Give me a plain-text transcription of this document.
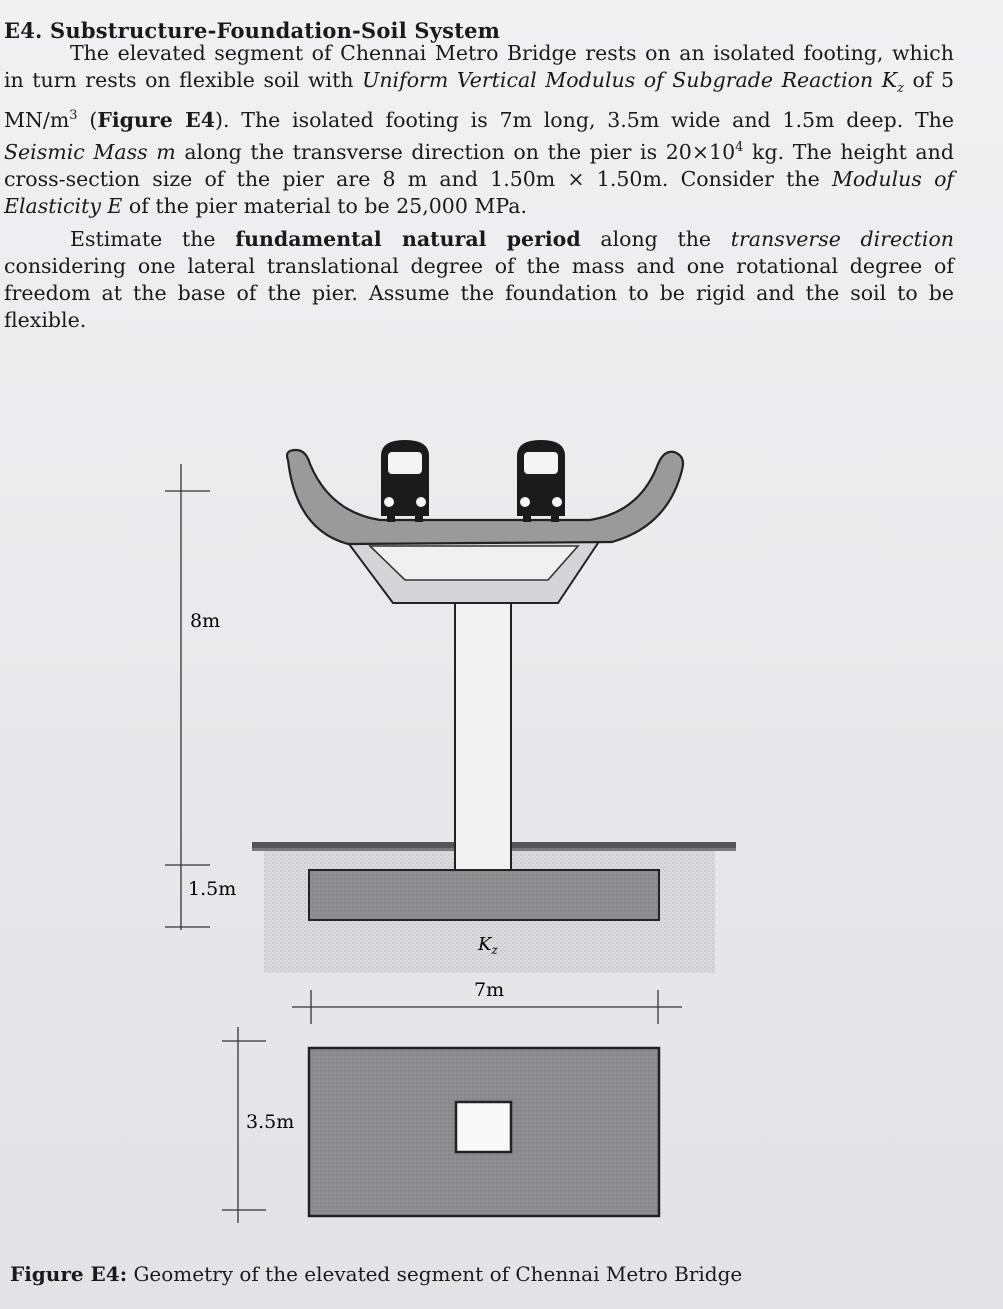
E4. Substructure-Foundation-Soil System

The elevated segment of Chennai Metro Bridge rests on an isolated footing, which in turn rests on flexible soil with Uniform Vertical Modulus of Subgrade Reaction $K_z$ of 5 $MN/m^3$ (Figure E4). The isolated footing is 7m long, 3.5m wide and 1.5m deep. The Seismic Mass m along the transverse direction on the pier is $20\times 10^4$ kg. The height and cross-section size of the pier are 8 m and 1.50m × 1.50m. Consider the Modulus of Elasticity E of the pier material to be 25,000 MPa.

Estimate the fundamental natural period along the transverse direction considering one lateral translational degree of the mass and one rotational degree of freedom at the base of the pier. Assume the foundation to be rigid and the soil to be flexible.

8m
1.5m
$K_z$
7m
3.5m
Figure E4: Geometry of the elevated segment of Chennai Metro Bridge
